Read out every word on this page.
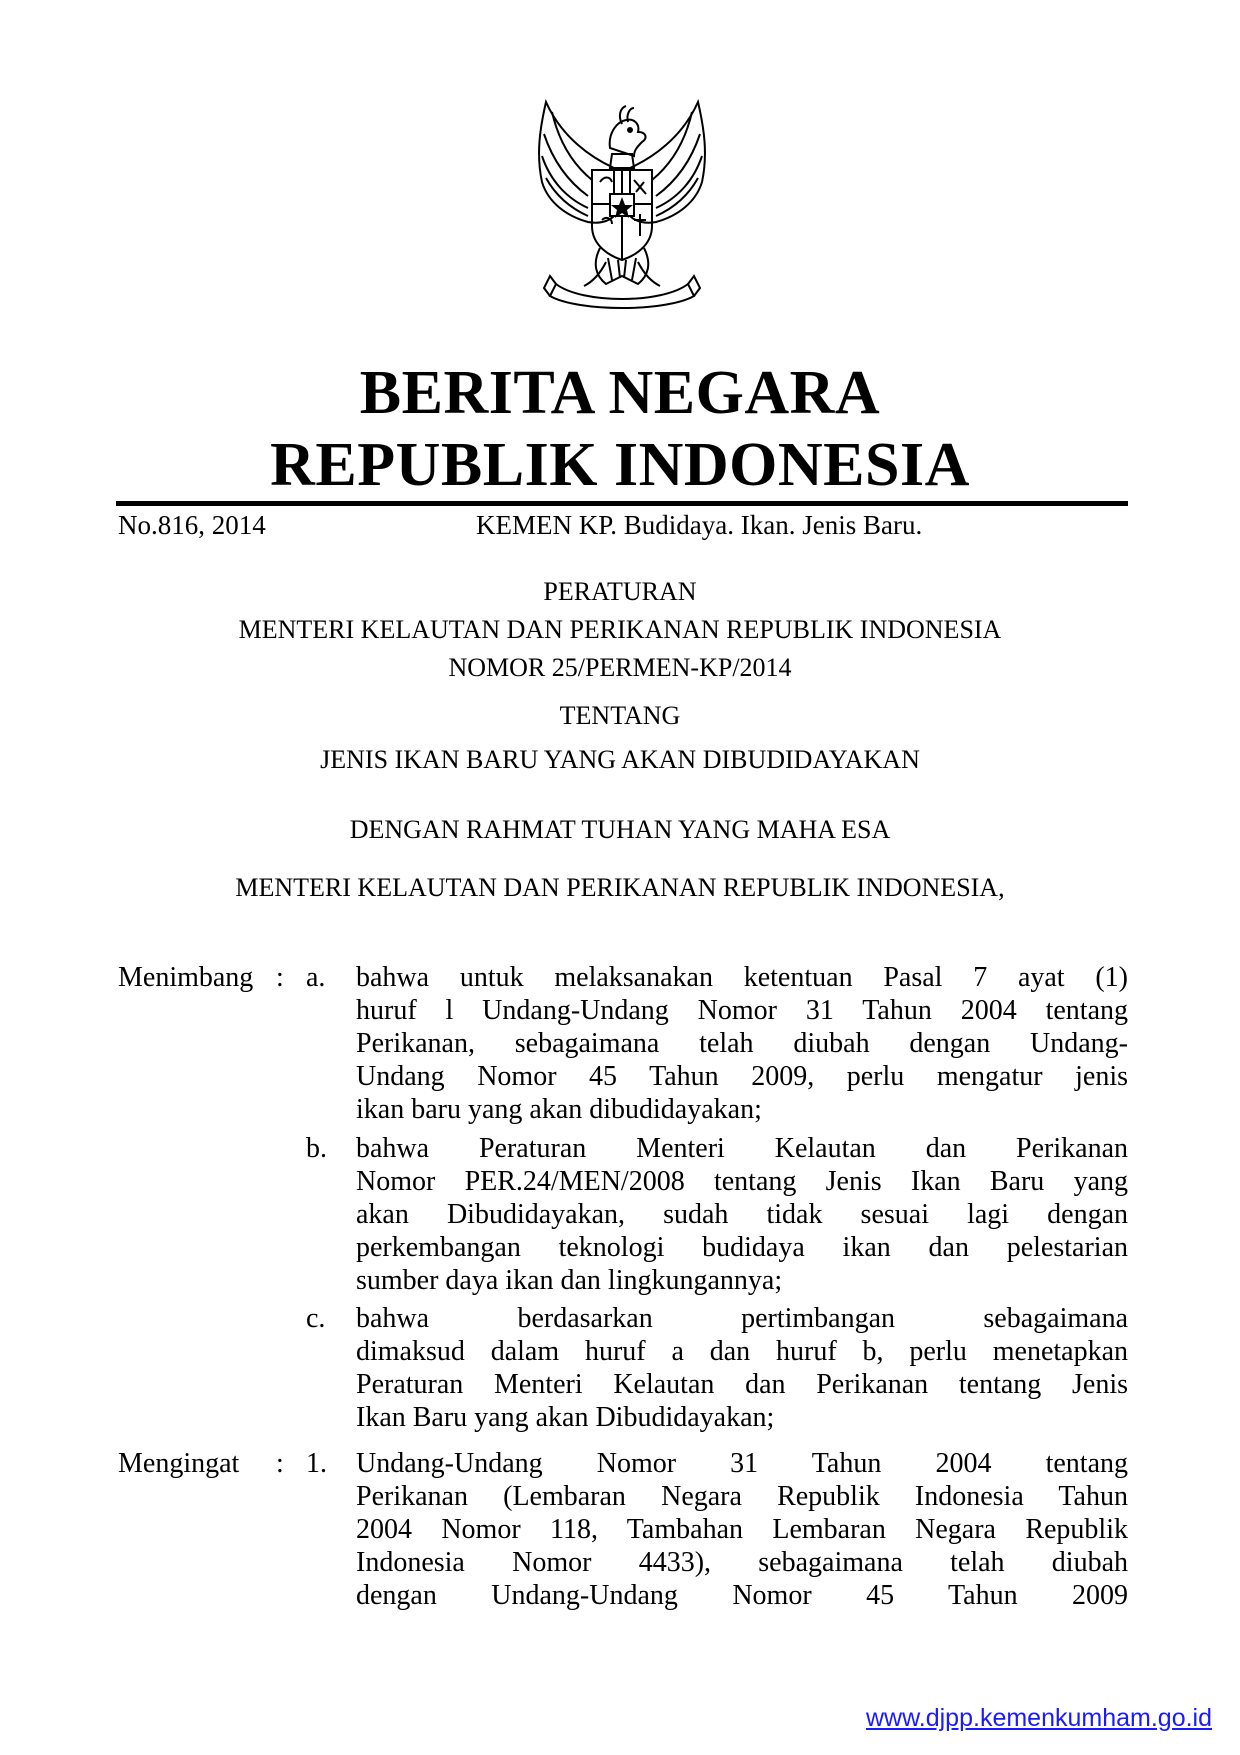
BERITA NEGARA
REPUBLIK INDONESIA
No.816, 2014	KEMEN KP. Budidaya. Ikan. Jenis Baru.
PERATURAN
MENTERI KELAUTAN DAN PERIKANAN REPUBLIK INDONESIA
NOMOR 25/PERMEN-KP/2014
TENTANG
JENIS IKAN BARU YANG AKAN DIBUDIDAYAKAN
DENGAN RAHMAT TUHAN YANG MAHA ESA
MENTERI KELAUTAN DAN PERIKANAN REPUBLIK INDONESIA,
Menimbang : a. bahwa untuk melaksanakan ketentuan Pasal 7 ayat (1)
huruf l Undang-Undang Nomor 31 Tahun 2004 tentang
Perikanan, sebagaimana telah diubah dengan Undang-
Undang Nomor 45 Tahun 2009, perlu mengatur jenis
ikan baru yang akan dibudidayakan;
b. bahwa Peraturan Menteri Kelautan dan Perikanan
Nomor PER.24/MEN/2008 tentang Jenis Ikan Baru yang
akan Dibudidayakan, sudah tidak sesuai lagi dengan
perkembangan teknologi budidaya ikan dan pelestarian
sumber daya ikan dan lingkungannya;
c. bahwa berdasarkan pertimbangan sebagaimana
dimaksud dalam huruf a dan huruf b, perlu menetapkan
Peraturan Menteri Kelautan dan Perikanan tentang Jenis
Ikan Baru yang akan Dibudidayakan;
Mengingat : 1. Undang-Undang Nomor 31 Tahun 2004 tentang
Perikanan (Lembaran Negara Republik Indonesia Tahun
2004 Nomor 118, Tambahan Lembaran Negara Republik
Indonesia Nomor 4433), sebagaimana telah diubah
dengan Undang-Undang Nomor 45 Tahun 2009
www.djpp.kemenkumham.go.id
